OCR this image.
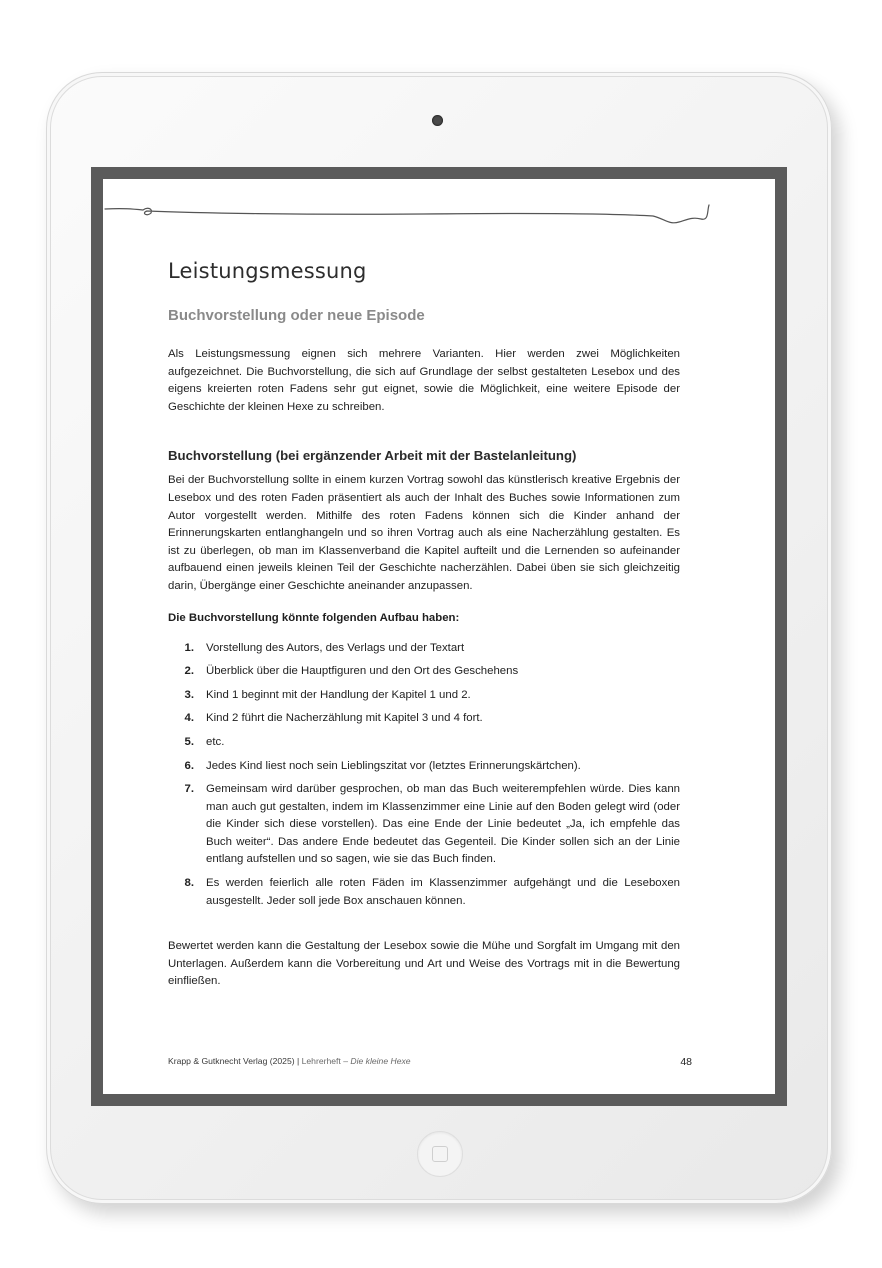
Leistungsmessung
Buchvorstellung oder neue Episode

Als Leistungsmessung eignen sich mehrere Varianten. Hier werden zwei Möglichkeiten aufgezeichnet. Die Buchvorstellung, die sich auf Grundlage der selbst gestalteten Lesebox und des eigens kreierten roten Fadens sehr gut eignet, sowie die Möglichkeit, eine weitere Episode der Geschichte der kleinen Hexe zu schreiben.

Buchvorstellung (bei ergänzender Arbeit mit der Bastelanleitung)

Bei der Buchvorstellung sollte in einem kurzen Vortrag sowohl das künstlerisch kreative Ergebnis der Lesebox und des roten Faden präsentiert als auch der Inhalt des Buches sowie Informationen zum Autor vorgestellt werden. Mithilfe des roten Fadens können sich die Kinder anhand der Erinnerungskarten entlanghangeln und so ihren Vortrag auch als eine Nacherzählung gestalten. Es ist zu überlegen, ob man im Klassenverband die Kapitel aufteilt und die Lernenden so aufeinander aufbauend einen jeweils kleinen Teil der Geschichte nacherzählen. Dabei üben sie sich gleichzeitig darin, Übergänge einer Geschichte aneinander anzupassen.

Die Buchvorstellung könnte folgenden Aufbau haben:
1.	Vorstellung des Autors, des Verlags und der Textart
2.	Überblick über die Hauptfiguren und den Ort des Geschehens
3.	Kind 1 beginnt mit der Handlung der Kapitel 1 und 2.
4.	Kind 2 führt die Nacherzählung mit Kapitel 3 und 4 fort.
5.	etc.
6.	Jedes Kind liest noch sein Lieblingszitat vor (letztes Erinnerungskärtchen).
7.	Gemeinsam wird darüber gesprochen, ob man das Buch weiterempfehlen würde. Dies kann man auch gut gestalten, indem im Klassenzimmer eine Linie auf den Boden gelegt wird (oder die Kinder sich diese vorstellen). Das eine Ende der Linie bedeutet „Ja, ich empfehle das Buch weiter“. Das andere Ende bedeutet das Gegenteil. Die Kinder sollen sich an der Linie entlang aufstellen und so sagen, wie sie das Buch finden.
8.	Es werden feierlich alle roten Fäden im Klassenzimmer aufgehängt und die Leseboxen ausgestellt. Jeder soll jede Box anschauen können.

Bewertet werden kann die Gestaltung der Lesebox sowie die Mühe und Sorgfalt im Umgang mit den Unterlagen. Außerdem kann die Vorbereitung und Art und Weise des Vortrags mit in die Bewertung einfließen.

Krapp & Gutknecht Verlag (2025) | Lehrerheft – Die kleine Hexe	48
